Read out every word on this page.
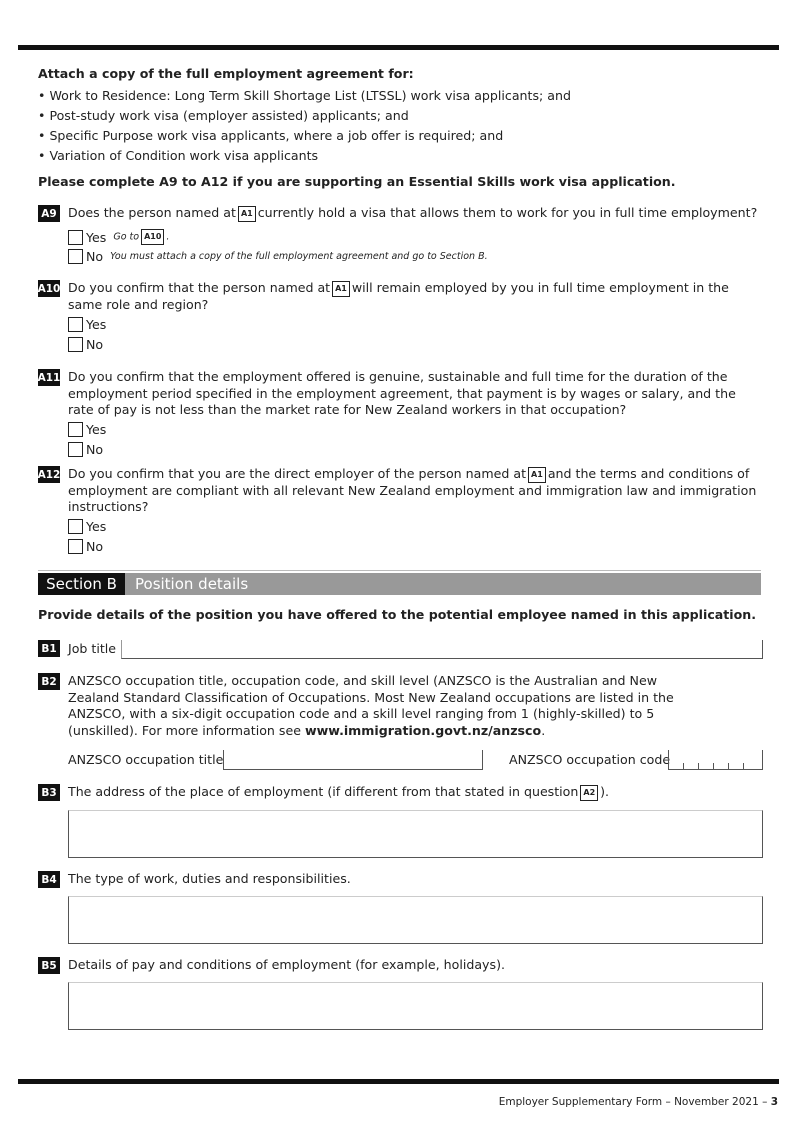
Attach a copy of the full employment agreement for:
• Work to Residence: Long Term Skill Shortage List (LTSSL) work visa applicants; and
• Post-study work visa (employer assisted) applicants; and
• Specific Purpose work visa applicants, where a job offer is required; and
• Variation of Condition work visa applicants
Please complete A9 to A12 if you are supporting an Essential Skills work visa application.
A9 Does the person named at A1 currently hold a visa that allows them to work for you in full time employment?
Yes Go to A10 .
No You must attach a copy of the full employment agreement and go to Section B.
A10 Do you confirm that the person named at A1 will remain employed by you in full time employment in the same role and region?
Yes
No
A11 Do you confirm that the employment offered is genuine, sustainable and full time for the duration of the employment period specified in the employment agreement, that payment is by wages or salary, and the rate of pay is not less than the market rate for New Zealand workers in that occupation?
Yes
No
A12 Do you confirm that you are the direct employer of the person named at A1 and the terms and conditions of employment are compliant with all relevant New Zealand employment and immigration law and immigration instructions?
Yes
No
Section B	Position details
Provide details of the position you have offered to the potential employee named in this application.
B1 Job title
B2 ANZSCO occupation title, occupation code, and skill level (ANZSCO is the Australian and New Zealand Standard Classification of Occupations. Most New Zealand occupations are listed in the ANZSCO, with a six-digit occupation code and a skill level ranging from 1 (highly-skilled) to 5 (unskilled). For more information see www.immigration.govt.nz/anzsco.
ANZSCO occupation title	ANZSCO occupation code
B3 The address of the place of employment (if different from that stated in question A2 ).
B4 The type of work, duties and responsibilities.
B5 Details of pay and conditions of employment (for example, holidays).
Employer Supplementary Form – November 2021 – 3
